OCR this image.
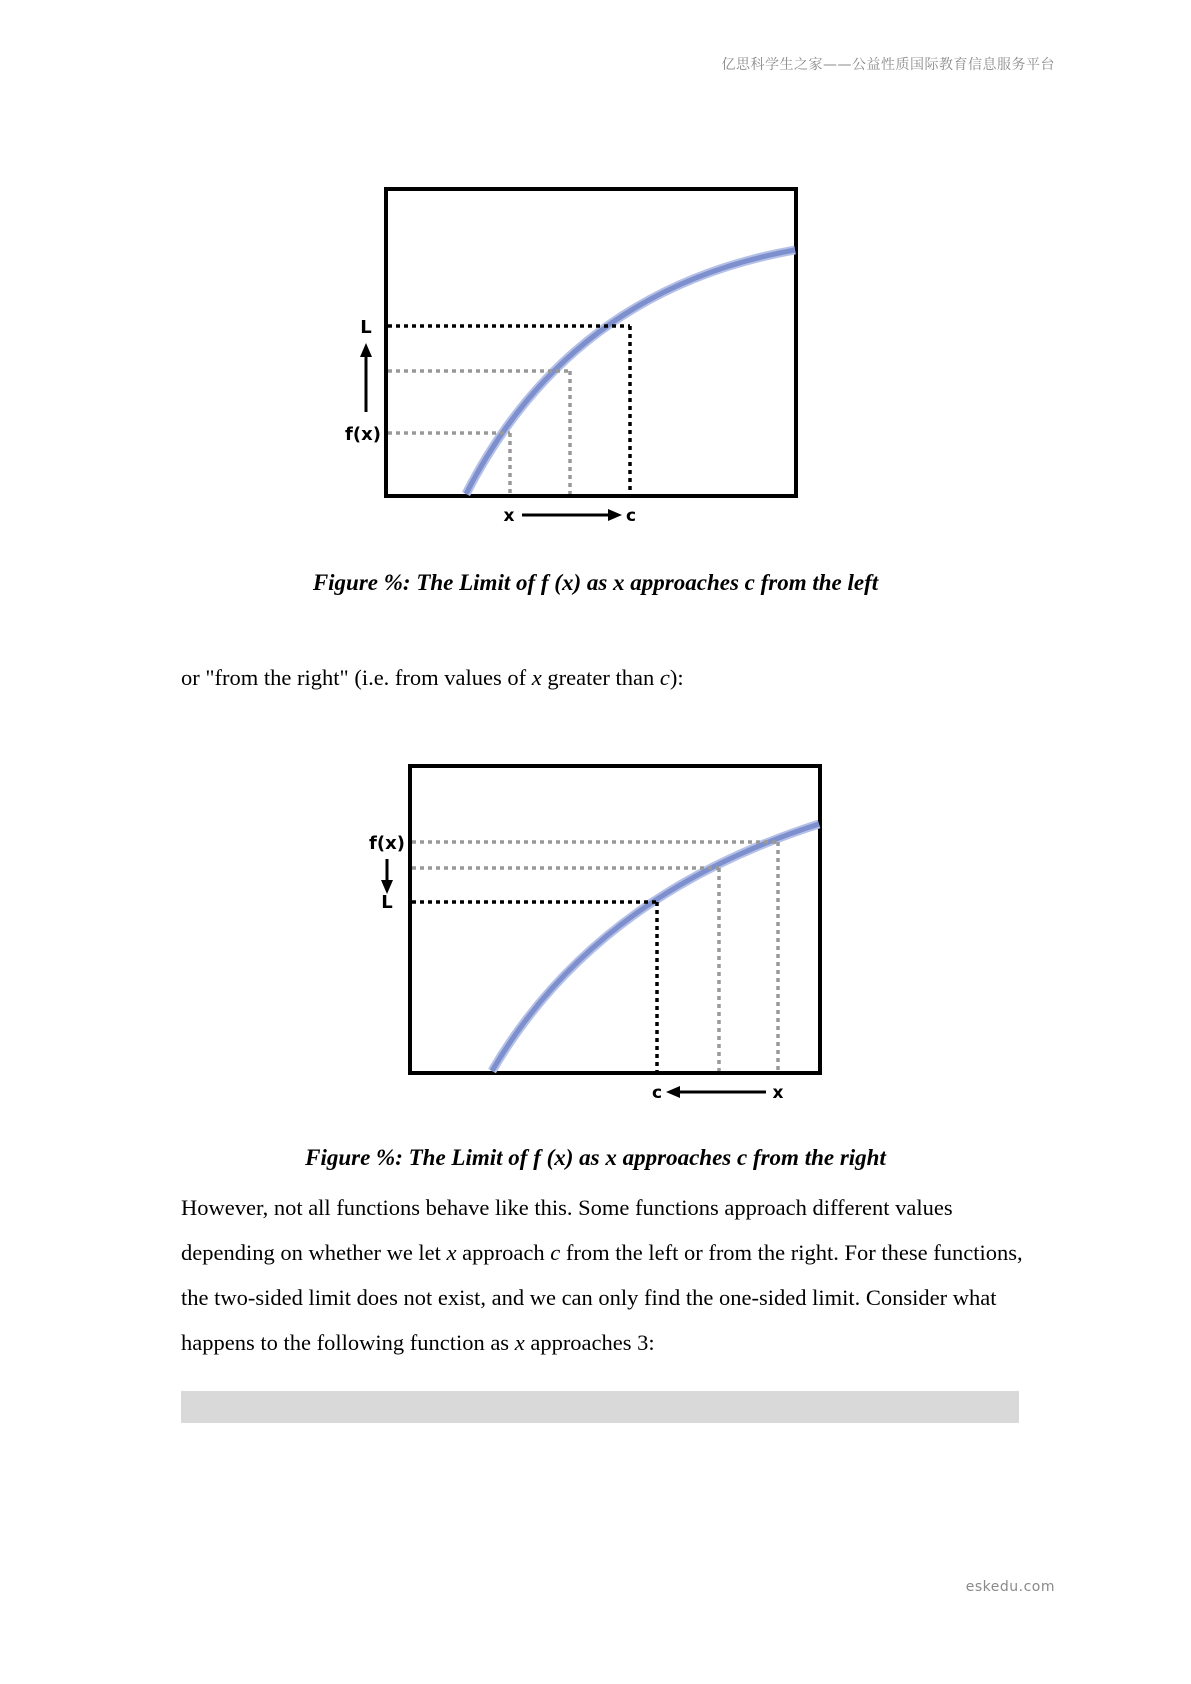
亿思科学生之家——公益性质国际教育信息服务平台
L
f(x)
x	c
Figure %: The Limit of f (x) as x approaches c from the left

or "from the right" (i.e. from values of x greater than c):

f(x)
L
c	x
Figure %: The Limit of f (x) as x approaches c from the right

However, not all functions behave like this. Some functions approach different values depending on whether we let x approach c from the left or from the right. For these functions, the two-sided limit does not exist, and we can only find the one-sided limit. Consider what happens to the following function as x approaches 3:

eskedu.com
